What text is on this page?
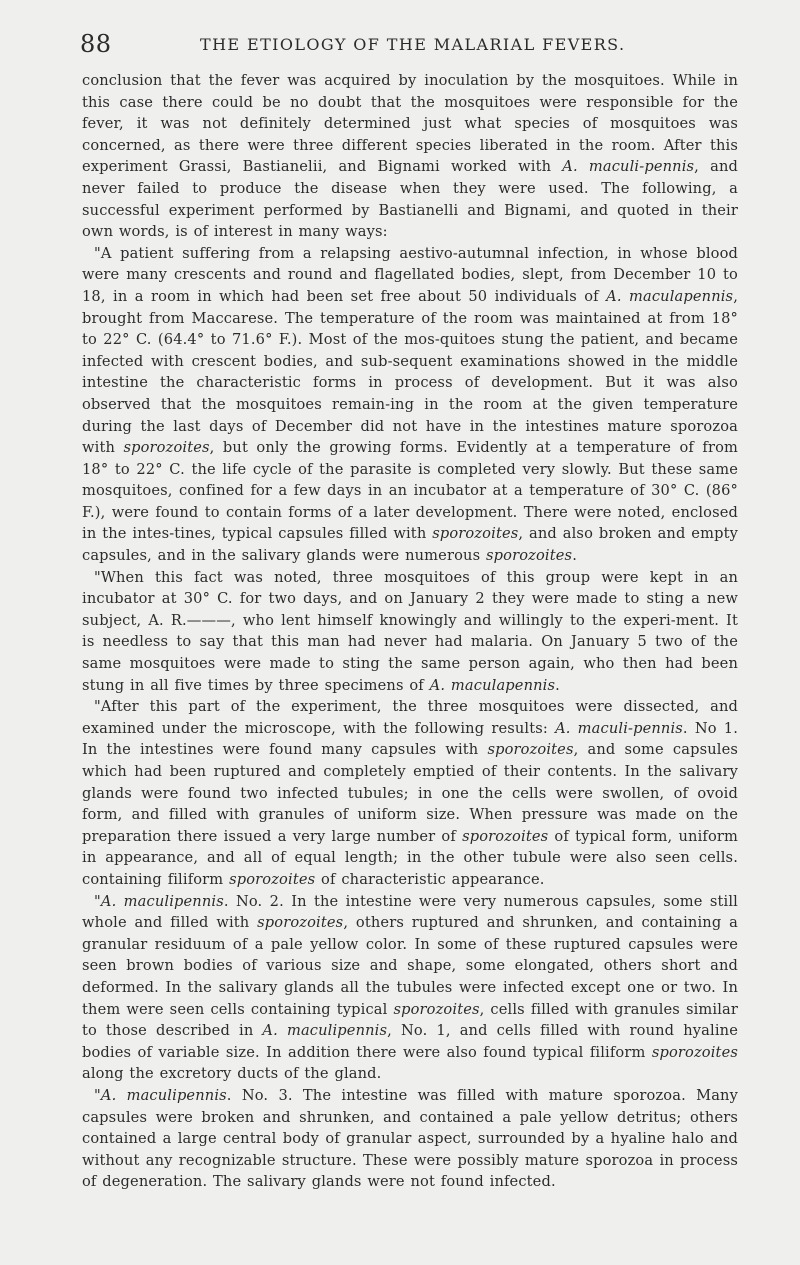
88	THE ETIOLOGY OF THE MALARIAL FEVERS.

conclusion that the fever was acquired by inoculation by the mosquitoes. While in this case there could be no doubt that the mosquitoes were responsible for the fever, it was not definitely determined just what species of mosquitoes was concerned, as there were three different species liberated in the room. After this experiment Grassi, Bastianelii, and Bignami worked with A. maculi-pennis, and never failed to produce the disease when they were used. The following, a successful experiment performed by Bastianelli and Bignami, and quoted in their own words, is of interest in many ways:

"A patient suffering from a relapsing aestivo-autumnal infection, in whose blood were many crescents and round and flagellated bodies, slept, from December 10 to 18, in a room in which had been set free about 50 individuals of A. maculapennis, brought from Maccarese. The temperature of the room was maintained at from 18° to 22° C. (64.4° to 71.6° F.). Most of the mos-quitoes stung the patient, and became infected with crescent bodies, and sub-sequent examinations showed in the middle intestine the characteristic forms in process of development. But it was also observed that the mosquitoes remain-ing in the room at the given temperature during the last days of December did not have in the intestines mature sporozoa with sporozoites, but only the growing forms. Evidently at a temperature of from 18° to 22° C. the life cycle of the parasite is completed very slowly. But these same mosquitoes, confined for a few days in an incubator at a temperature of 30° C. (86° F.), were found to contain forms of a later development. There were noted, enclosed in the intes-tines, typical capsules filled with sporozoites, and also broken and empty capsules, and in the salivary glands were numerous sporozoites.

"When this fact was noted, three mosquitoes of this group were kept in an incubator at 30° C. for two days, and on January 2 they were made to sting a new subject, A. R.———, who lent himself knowingly and willingly to the experi-ment. It is needless to say that this man had never had malaria. On January 5 two of the same mosquitoes were made to sting the same person again, who then had been stung in all five times by three specimens of A. maculapennis.

"After this part of the experiment, the three mosquitoes were dissected, and examined under the microscope, with the following results: A. maculi-pennis. No 1. In the intestines were found many capsules with sporozoites, and some capsules which had been ruptured and completely emptied of their contents. In the salivary glands were found two infected tubules; in one the cells were swollen, of ovoid form, and filled with granules of uniform size. When pressure was made on the preparation there issued a very large number of sporozoites of typical form, uniform in appearance, and all of equal length; in the other tubule were also seen cells. containing filiform sporozoites of characteristic appearance.

"A. maculipennis. No. 2. In the intestine were very numerous capsules, some still whole and filled with sporozoites, others ruptured and shrunken, and containing a granular residuum of a pale yellow color. In some of these ruptured capsules were seen brown bodies of various size and shape, some elongated, others short and deformed. In the salivary glands all the tubules were infected except one or two. In them were seen cells containing typical sporozoites, cells filled with granules similar to those described in A. maculipennis, No. 1, and cells filled with round hyaline bodies of variable size. In addition there were also found typical filiform sporozoites along the excretory ducts of the gland.

"A. maculipennis. No. 3. The intestine was filled with mature sporozoa. Many capsules were broken and shrunken, and contained a pale yellow detritus; others contained a large central body of granular aspect, surrounded by a hyaline halo and without any recognizable structure. These were possibly mature sporozoa in process of degeneration. The salivary glands were not found infected.
